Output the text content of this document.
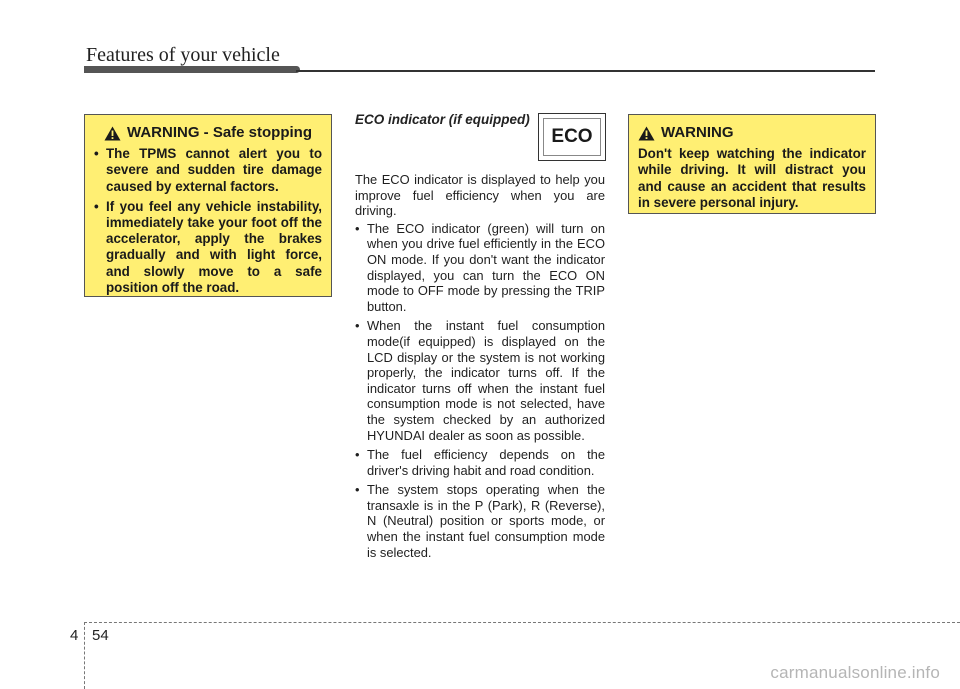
Features of your vehicle
WARNING - Safe stopping
• The TPMS cannot alert you to severe and sudden tire damage caused by external factors.
• If you feel any vehicle instability, immediately take your foot off the accelerator, apply the brakes gradually and with light force, and slowly move to a safe position off the road.
ECO indicator (if equipped)
ECO

The ECO indicator is displayed to help you improve fuel efficiency when you are driving.

• The ECO indicator (green) will turn on when you drive fuel efficiently in the ECO ON mode. If you don't want the indicator displayed, you can turn the ECO ON mode to OFF mode by pressing the TRIP button.
• When the instant fuel consumption mode(if equipped) is displayed on the LCD display or the system is not working properly, the indicator turns off. If the indicator turns off when the instant fuel consumption mode is not selected, have the system checked by an authorized HYUNDAI dealer as soon as possible.
• The fuel efficiency depends on the driver's driving habit and road condition.
• The system stops operating when the transaxle is in the P (Park), R (Reverse), N (Neutral) position or sports mode, or when the instant fuel consumption mode is selected.
WARNING
Don't keep watching the indicator while driving. It will distract you and cause an accident that results in severe personal injury.
4 54
carmanualsonline.info
